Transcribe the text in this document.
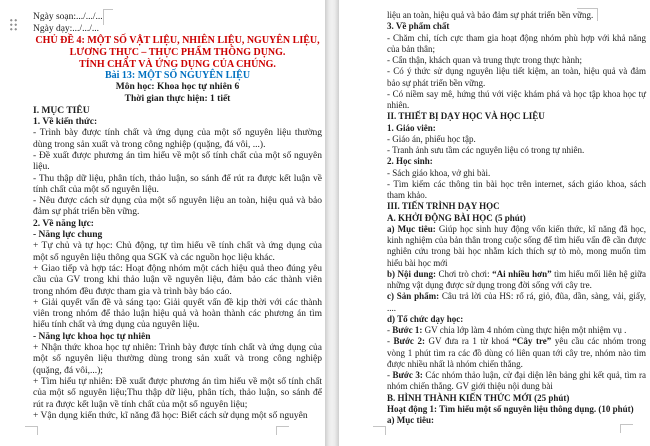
Ngày soạn:.../.../...

Ngày dạy:.../.../...

CHỦ ĐỀ 4: MỘT SỐ VẬT LIỆU, NHIÊN LIỆU, NGUYÊN LIỆU,

LƯƠNG THỰC – THỰC PHẨM THÔNG DỤNG.

TÍNH CHẤT VÀ ỨNG DỤNG CỦA CHÚNG.

Bài 13: MỘT SỐ NGUYÊN LIỆU

Môn học: Khoa học tự nhiên 6

Thời gian thực hiện: 1 tiết

I. MỤC TIÊU

1. Về kiến thức:

- Trình bày được tính chất và ứng dụng của một số nguyên liệu thường dùng trong sản xuất và trong công nghiệp (quặng, đá vôi, ...).

- Đề xuất được phương án tìm hiểu về một số tính chất của một số nguyên liệu.

- Thu thập dữ liệu, phân tích, thảo luận, so sánh để rút ra được kết luận về tính chất của một số nguyên liệu.

- Nêu được cách sử dụng của một số nguyên liệu an toàn, hiệu quả và bảo đảm sự phát triển bền vững.

2. Về năng lực:

- Năng lực chung

+ Tự chủ và tự học: Chủ động, tự tìm hiểu về tính chất và ứng dụng của một số nguyên liệu thông qua SGK và các nguồn học liệu khác.

+ Giao tiếp và hợp tác: Hoạt động nhóm một cách hiệu quả theo đúng yêu cầu của GV trong khi thảo luận về nguyên liệu, đảm bảo các thành viên trong nhóm đều được tham gia và trình bày báo cáo.

+ Giải quyết vấn đề và sáng tạo: Giải quyết vấn đề kịp thời với các thành viên trong nhóm để thảo luận hiệu quả và hoàn thành các phương án tìm hiểu tính chất và ứng dụng của nguyên liệu.

- Năng lực khoa học tự nhiên

+ Nhận thức khoa học tự nhiên: Trình bày được tính chất và ứng dụng của một số nguyên liệu thường dùng trong sản xuất và trong công nghiệp (quặng, đá vôi,...);

+ Tìm hiểu tự nhiên: Đề xuất được phương án tìm hiểu về một số tính chất của một số nguyên liệu;Thu thập dữ liệu, phân tích, thảo luận, so sánh để rút ra được kết luận về tính chất của một số nguyên liệu;

+ Vận dụng kiến thức, kĩ năng đã học: Biết cách sử dụng một số nguyên

liệu an toàn, hiệu quả và bảo đảm sự phát triển bền vững.

3. Về phẩm chất

- Chăm chỉ, tích cực tham gia hoạt động nhóm phù hợp với khả năng của bản thân;

- Cẩn thận, khách quan và trung thực trong thực hành;

- Có ý thức sử dụng nguyên liệu tiết kiệm, an toàn, hiệu quả và đảm bảo sự phát triển bền vững.

- Có niềm say mê, hứng thú với việc khám phá và học tập khoa học tự nhiên.

II. THIẾT BỊ DẠY HỌC VÀ HỌC LIỆU

1. Giáo viên:

- Giáo án, phiếu học tập.

- Tranh ảnh sưu tầm các nguyên liệu có trong tự nhiên.

2. Học sinh:

- Sách giáo khoa, vở ghi bài.

- Tìm kiếm các thông tin bài học trên internet, sách giáo khoa, sách tham khảo.

III. TIẾN TRÌNH DẠY HỌC

A. KHỞI ĐỘNG BÀI HỌC (5 phút)

a) Mục tiêu: Giúp học sinh huy động vốn kiến thức, kĩ năng đã học, kinh nghiệm của bản thân trong cuộc sống để tìm hiểu vấn đề cần được nghiên cứu trong bài học nhằm kích thích sự tò mò, mong muốn tìm hiểu bài học mới

b) Nội dung: Chơi trò chơi: “Ai nhiều hơn” tìm hiểu mối liên hệ giữa những vật dụng được sử dụng trong đời sống với cây tre.

c) Sản phẩm: Câu trả lời của HS: rổ rá, giỏ, đũa, dần, sàng, vải, giấy, ....

d) Tổ chức dạy học:

- Bước 1: GV chia lớp làm 4 nhóm cùng thực hiện một nhiệm vụ .

- Bước 2: GV đưa ra 1 từ khoá “Cây tre” yêu cầu các nhóm trong vòng 1 phút tìm ra các đồ dùng có liên quan tới cây tre, nhóm nào tìm được nhiều nhất là nhóm chiến thắng.

- Bước 3: Các nhóm thảo luận, cử đại diện lên bảng ghi kết quả, tìm ra nhóm chiến thắng. GV giới thiệu nội dung bài

B. HÌNH THÀNH KIẾN THỨC MỚI (25 phút)

Hoạt động 1: Tìm hiểu một số nguyên liệu thông dụng. (10 phút)

a) Mục tiêu:
